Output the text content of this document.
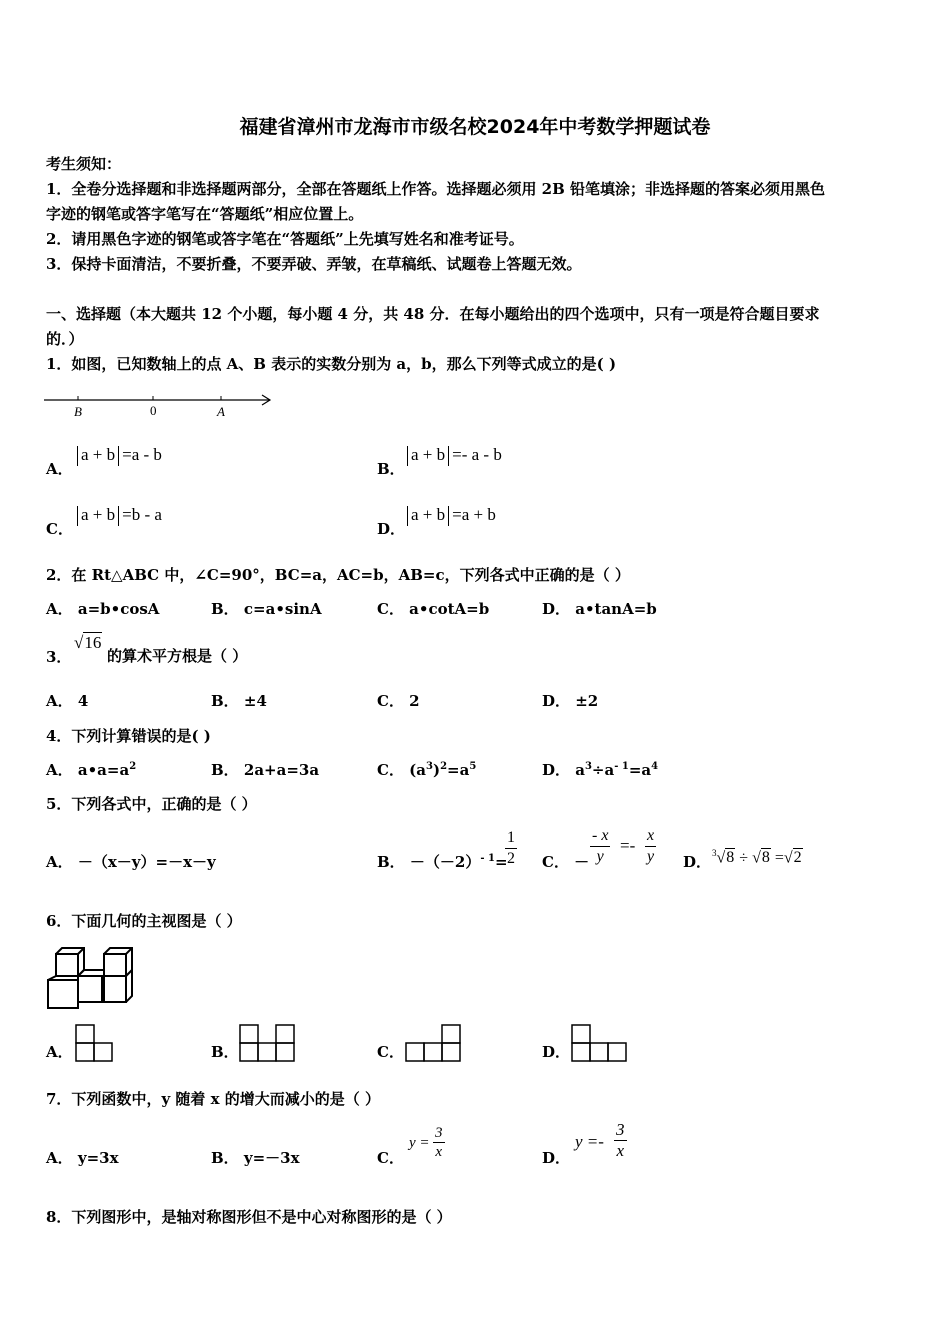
福建省漳州市龙海市市级名校2024年中考数学押题试卷
考生须知：
1．全卷分选择题和非选择题两部分，全部在答题纸上作答。选择题必须用 2B 铅笔填涂；非选择题的答案必须用黑色
字迹的钢笔或答字笔写在“答题纸”相应位置上。
2．请用黑色字迹的钢笔或答字笔在“答题纸”上先填写姓名和准考证号。
3．保持卡面清洁，不要折叠，不要弄破、弄皱，在草稿纸、试题卷上答题无效。
一、选择题（本大题共 12 个小题，每小题 4 分，共 48 分．在每小题给出的四个选项中，只有一项是符合题目要求
的．）
1．如图，已知数轴上的点 A、B 表示的实数分别为 a，b，那么下列等式成立的是( )
B	0	A
A．
a + b =a - b
B．
a + b =- a - b
C．
a + b =b - a
D．
a + b =a + b
2．在 Rt△ABC 中，∠C=90°，BC=a，AC=b，AB=c，下列各式中正确的是（ ）
A． a=b•cosA	B． c=a•sinA	C． a•cotA=b	D． a•tanA=b
3．
√16
的算术平方根是（ ）
A． 4	B． ±4	C． 2	D． ±2
4．下列计算错误的是( )
A． $a•a=a^2$	B． 2a+a=3a	C． $(a^3)^2=a^5$	D． $a^3\div a^{- 1}=a^4$
5．下列各式中，正确的是（ ）
A． －（x－y）=－x－y	B． $-(-2)^{- 1}=$
$\frac{1}{2}$ C． － $\frac{- x}{y} =- \frac{x}{y}$ D． $^3$√8 ÷ √8 =√2
6．下面几何的主视图是（ ）
A．	B．	C．	D．
7．下列函数中，y 随着 x 的增大而减小的是（ ）
A． y=3x	B． y=－3x	C．
$y = \frac{3}{x}$	D．
$y =- \frac{3}{x}$
8．下列图形中，是轴对称图形但不是中心对称图形的是（ ）
